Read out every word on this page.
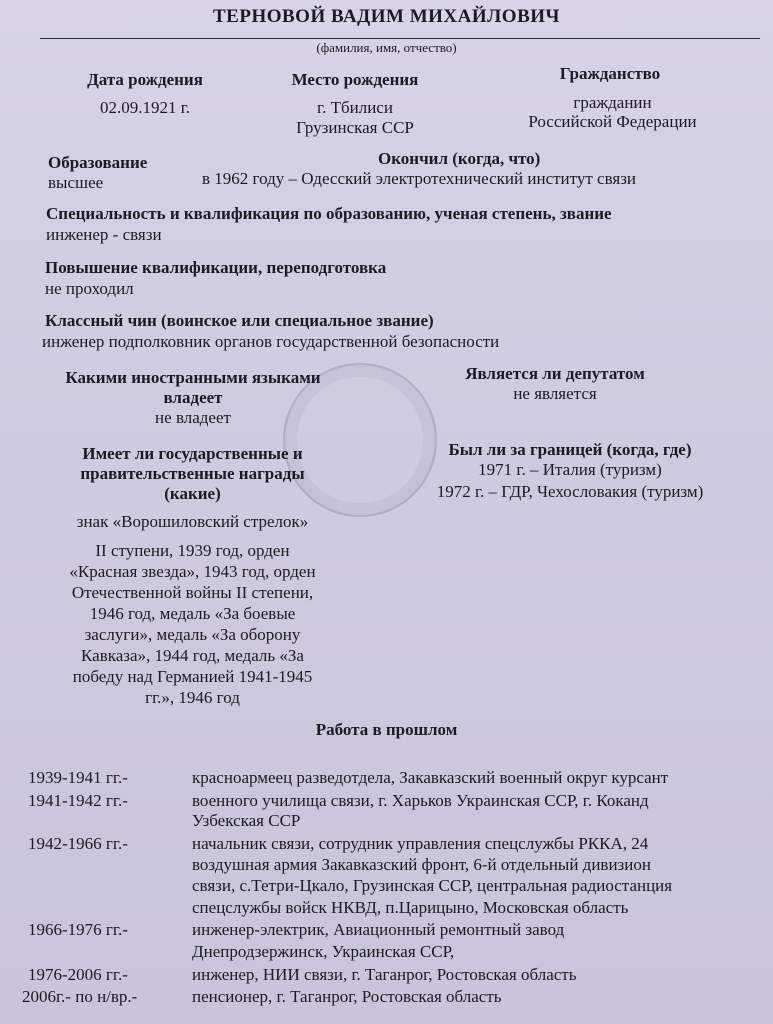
ТЕРНОВОЙ ВАДИМ МИХАЙЛОВИЧ
(фамилия, имя, отчество)
Дата рождения
02.09.1921 г.
Место рождения
г. Тбилиси
Грузинская ССР
Гражданство
гражданин
Российской Федерации
Образование
высшее
Окончил (когда, что)
в 1962 году – Одесский электротехнический институт связи
Специальность и квалификация по образованию, ученая степень, звание
инженер - связи
Повышение квалификации, переподготовка
не проходил
Классный чин (воинское или специальное звание)
инженер подполковник органов государственной безопасности
Какими иностранными языками
владеет
не владеет
Является ли депутатом
не является
Имеет ли государственные и
правительственные награды
(какие)
знак «Ворошиловский стрелок»
II ступени, 1939 год, орден
«Красная звезда», 1943 год, орден
Отечественной войны II степени,
1946 год, медаль «За боевые
заслуги», медаль «За оборону
Кавказа», 1944 год, медаль «За
победу над Германией 1941-1945
гг.», 1946 год
Был ли за границей (когда, где)
1971 г. – Италия (туризм)
1972 г. – ГДР, Чехословакия (туризм)
Работа в прошлом
1939-1941 гг.-	красноармеец разведотдела, Закавказский военный округ курсант
1941-1942 гг.-	военного училища связи, г. Харьков Украинская ССР, г. Коканд
Узбекская ССР
1942-1966 гг.-	начальник связи, сотрудник управления спецслужбы РККА, 24
воздушная армия Закавказский фронт, 6-й отдельный дивизион
связи, с.Тетри-Цкало, Грузинская ССР, центральная радиостанция
спецслужбы войск НКВД, п.Царицыно, Московская область
1966-1976 гг.-	инженер-электрик, Авиационный ремонтный завод
Днепродзержинск, Украинская ССР,
1976-2006 гг.-	инженер, НИИ связи, г. Таганрог, Ростовская область
2006г.- по н/вр.-	пенсионер, г. Таганрог, Ростовская область
